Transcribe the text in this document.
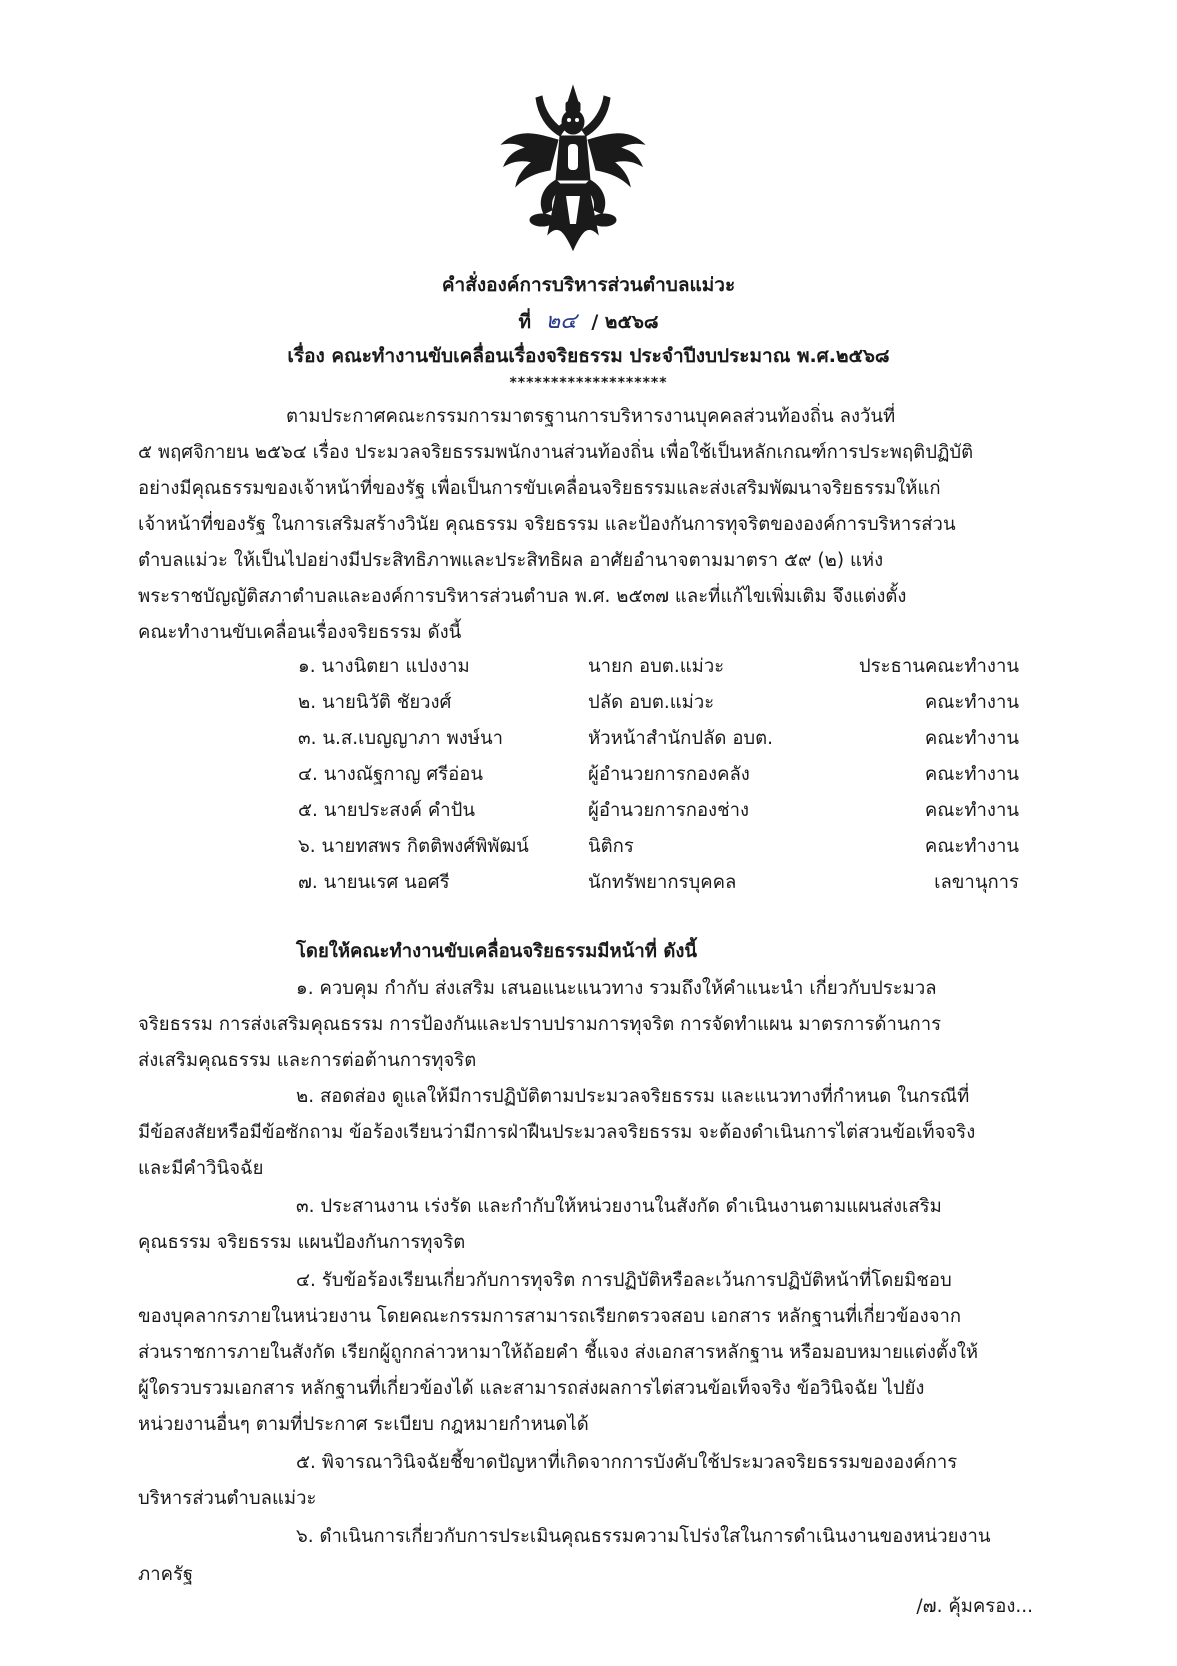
คำสั่งองค์การบริหารส่วนตำบลแม่วะ
ที่ ๒๔ / ๒๕๖๘
เรื่อง คณะทำงานขับเคลื่อนเรื่องจริยธรรม ประจำปีงบประมาณ พ.ศ.๒๕๖๘
*******************
ตามประกาศคณะกรรมการมาตรฐานการบริหารงานบุคคลส่วนท้องถิ่น ลงวันที่
๕ พฤศจิกายน ๒๕๖๔ เรื่อง ประมวลจริยธรรมพนักงานส่วนท้องถิ่น เพื่อใช้เป็นหลักเกณฑ์การประพฤติปฏิบัติ
อย่างมีคุณธรรมของเจ้าหน้าที่ของรัฐ เพื่อเป็นการขับเคลื่อนจริยธรรมและส่งเสริมพัฒนาจริยธรรมให้แก่
เจ้าหน้าที่ของรัฐ ในการเสริมสร้างวินัย คุณธรรม จริยธรรม และป้องกันการทุจริตขององค์การบริหารส่วน
ตำบลแม่วะ ให้เป็นไปอย่างมีประสิทธิภาพและประสิทธิผล อาศัยอำนาจตามมาตรา ๕๙ (๒) แห่ง
พระราชบัญญัติสภาตำบลและองค์การบริหารส่วนตำบล พ.ศ. ๒๕๓๗ และที่แก้ไขเพิ่มเติม จึงแต่งตั้ง
คณะทำงานขับเคลื่อนเรื่องจริยธรรม ดังนี้
๑. นางนิตยา แปงงาม	นายก อบต.แม่วะ	ประธานคณะทำงาน
๒. นายนิวัติ ชัยวงศ์	ปลัด อบต.แม่วะ	คณะทำงาน
๓. น.ส.เบญญาภา พงษ์นา	หัวหน้าสำนักปลัด อบต.	คณะทำงาน
๔. นางณัฐกาญ ศรีอ่อน	ผู้อำนวยการกองคลัง	คณะทำงาน
๕. นายประสงค์ คำปัน	ผู้อำนวยการกองช่าง	คณะทำงาน
๖. นายทสพร กิตติพงศ์พิพัฒน์	นิติกร	คณะทำงาน
๗. นายนเรศ นอศรี	นักทรัพยากรบุคคล	เลขานุการ
โดยให้คณะทำงานขับเคลื่อนจริยธรรมมีหน้าที่ ดังนี้
๑. ควบคุม กำกับ ส่งเสริม เสนอแนะแนวทาง รวมถึงให้คำแนะนำ เกี่ยวกับประมวล
จริยธรรม การส่งเสริมคุณธรรม การป้องกันและปราบปรามการทุจริต การจัดทำแผน มาตรการด้านการ
ส่งเสริมคุณธรรม และการต่อต้านการทุจริต
๒. สอดส่อง ดูแลให้มีการปฏิบัติตามประมวลจริยธรรม และแนวทางที่กำหนด ในกรณีที่
มีข้อสงสัยหรือมีข้อซักถาม ข้อร้องเรียนว่ามีการฝ่าฝืนประมวลจริยธรรม จะต้องดำเนินการไต่สวนข้อเท็จจริง
และมีคำวินิจฉัย
๓. ประสานงาน เร่งรัด และกำกับให้หน่วยงานในสังกัด ดำเนินงานตามแผนส่งเสริม
คุณธรรม จริยธรรม แผนป้องกันการทุจริต
๔. รับข้อร้องเรียนเกี่ยวกับการทุจริต การปฏิบัติหรือละเว้นการปฏิบัติหน้าที่โดยมิชอบ
ของบุคลากรภายในหน่วยงาน โดยคณะกรรมการสามารถเรียกตรวจสอบ เอกสาร หลักฐานที่เกี่ยวข้องจาก
ส่วนราชการภายในสังกัด เรียกผู้ถูกกล่าวหามาให้ถ้อยคำ ชี้แจง ส่งเอกสารหลักฐาน หรือมอบหมายแต่งตั้งให้
ผู้ใดรวบรวมเอกสาร หลักฐานที่เกี่ยวข้องได้ และสามารถส่งผลการไต่สวนข้อเท็จจริง ข้อวินิจฉัย ไปยัง
หน่วยงานอื่นๆ ตามที่ประกาศ ระเบียบ กฎหมายกำหนดได้
๕. พิจารณาวินิจฉัยชี้ขาดปัญหาที่เกิดจากการบังคับใช้ประมวลจริยธรรมขององค์การ
บริหารส่วนตำบลแม่วะ
๖. ดำเนินการเกี่ยวกับการประเมินคุณธรรมความโปร่งใสในการดำเนินงานของหน่วยงาน
ภาครัฐ
/๗. คุ้มครอง...
